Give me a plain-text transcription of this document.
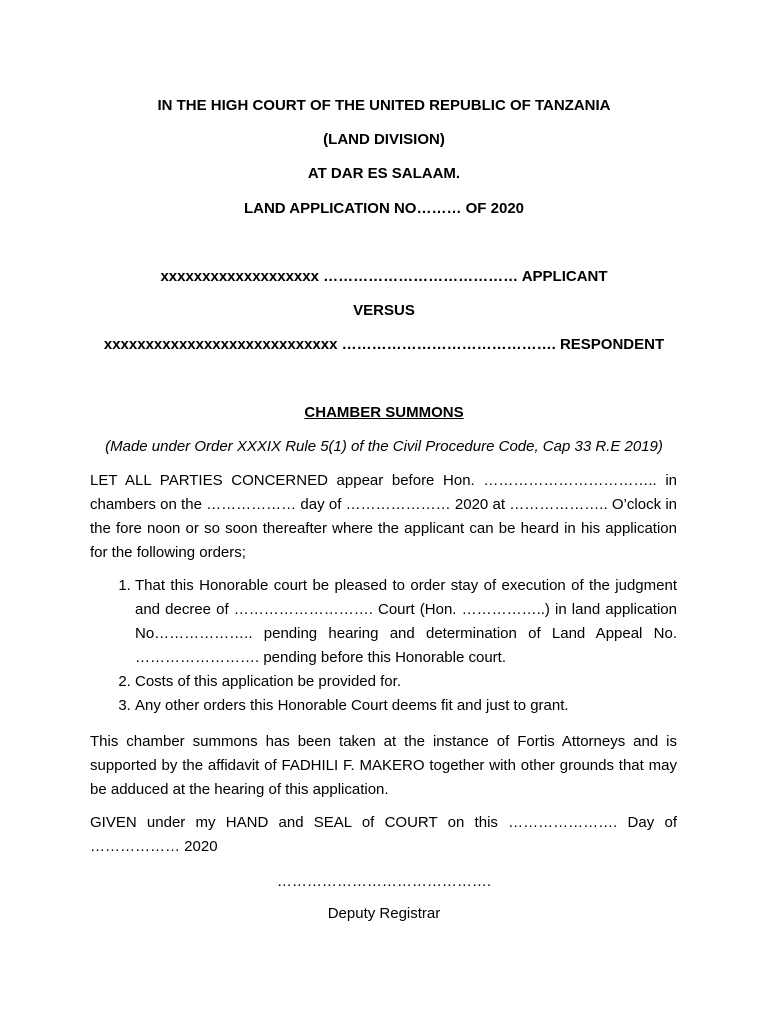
IN THE HIGH COURT OF THE UNITED REPUBLIC OF TANZANIA
(LAND DIVISION)
AT DAR ES SALAAM.
LAND APPLICATION NO……… OF 2020
xxxxxxxxxxxxxxxxxxx ………………………………… APPLICANT
VERSUS
xxxxxxxxxxxxxxxxxxxxxxxxxxxx ……………………………………. RESPONDENT
CHAMBER SUMMONS
(Made under Order XXXIX Rule 5(1) of the Civil Procedure Code, Cap 33 R.E 2019)
LET ALL PARTIES CONCERNED appear before Hon. …………………………….. in chambers on the ……………… day of ………………… 2020 at ……………….. O’clock in the fore noon or so soon thereafter where the applicant can be heard in his application for the following orders;
1. That this Honorable court be pleased to order stay of execution of the judgment and decree of ………………………. Court (Hon. ……………..) in land application No……………….. pending hearing and determination of Land Appeal No. ……………………. pending before this Honorable court.
2. Costs of this application be provided for.
3. Any other orders this Honorable Court deems fit and just to grant.
This chamber summons has been taken at the instance of Fortis Attorneys and is supported by the affidavit of FADHILI F. MAKERO together with other grounds that may be adduced at the hearing of this application.
GIVEN under my HAND and SEAL of COURT on this …………………. Day of ……………… 2020
…………………………………….
Deputy Registrar
